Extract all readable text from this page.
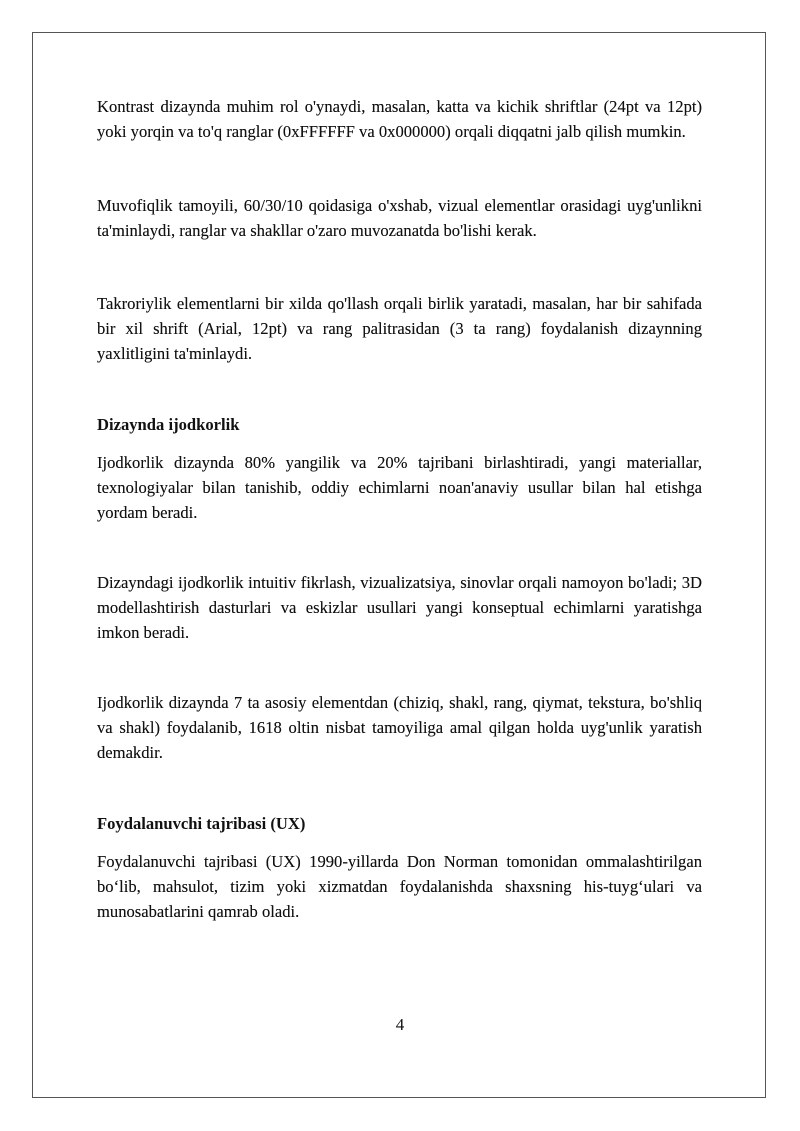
Kontrast dizaynda muhim rol o'ynaydi, masalan, katta va kichik shriftlar (24pt va 12pt) yoki yorqin va to'q ranglar (0xFFFFFF va 0x000000) orqali diqqatni jalb qilish mumkin.

Muvofiqlik tamoyili, 60/30/10 qoidasiga o'xshab, vizual elementlar orasidagi uyg'unlikni ta'minlaydi, ranglar va shakllar o'zaro muvozanatda bo'lishi kerak.

Takroriylik elementlarni bir xilda qo'llash orqali birlik yaratadi, masalan, har bir sahifada bir xil shrift (Arial, 12pt) va rang palitrasidan (3 ta rang) foydalanish dizaynning yaxlitligini ta'minlaydi.

Dizaynda ijodkorlik

Ijodkorlik dizaynda 80% yangilik va 20% tajribani birlashtiradi, yangi materiallar, texnologiyalar bilan tanishib, oddiy echimlarni noan'anaviy usullar bilan hal etishga yordam beradi.

Dizayndagi ijodkorlik intuitiv fikrlash, vizualizatsiya, sinovlar orqali namoyon bo'ladi; 3D modellashtirish dasturlari va eskizlar usullari yangi konseptual echimlarni yaratishga imkon beradi.

Ijodkorlik dizaynda 7 ta asosiy elementdan (chiziq, shakl, rang, qiymat, tekstura, bo'shliq va shakl) foydalanib, 1618 oltin nisbat tamoyiliga amal qilgan holda uyg'unlik yaratish demakdir.

Foydalanuvchi tajribasi (UX)

Foydalanuvchi tajribasi (UX) 1990-yillarda Don Norman tomonidan ommalashtirilgan bo‘lib, mahsulot, tizim yoki xizmatdan foydalanishda shaxsning his-tuyg‘ulari va munosabatlarini qamrab oladi.

4
